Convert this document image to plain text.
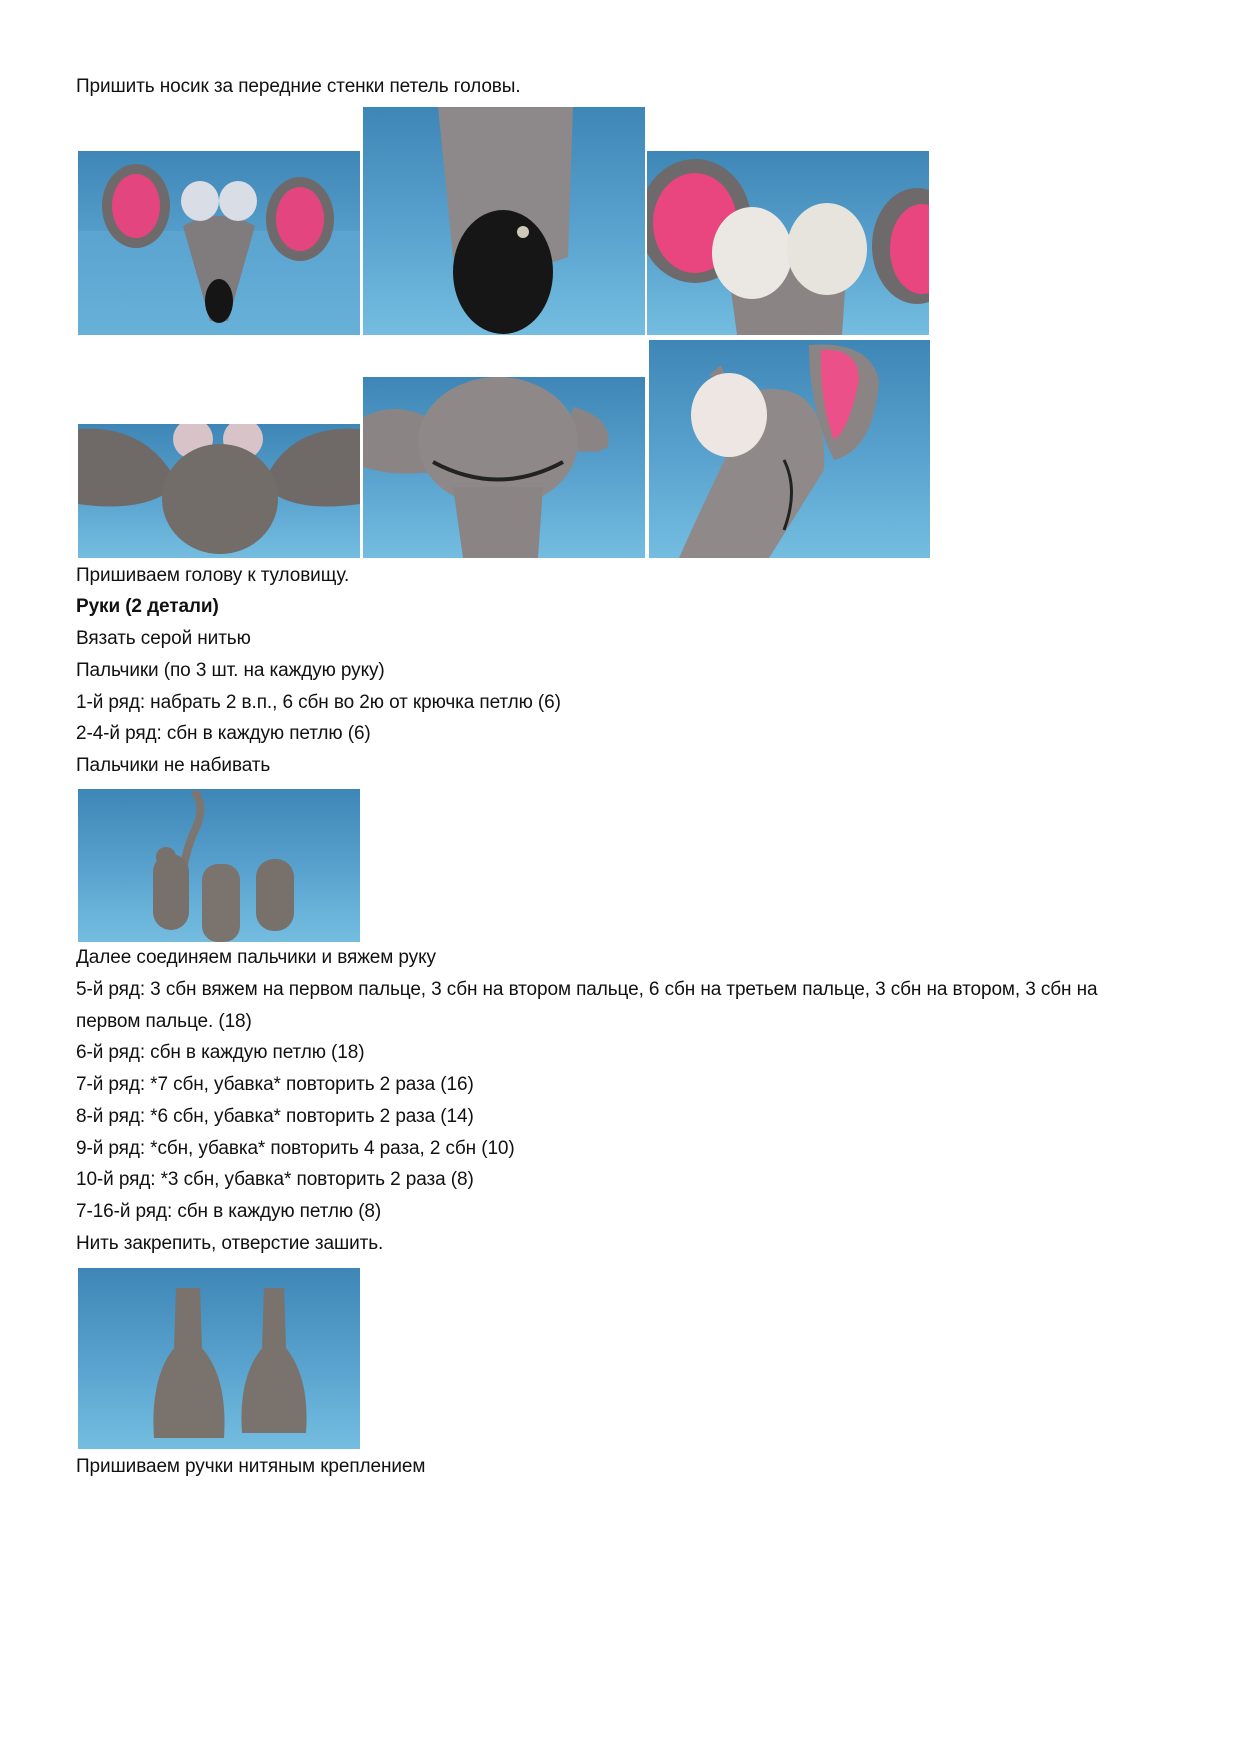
Пришить носик за передние стенки петель головы.
Пришиваем голову к туловищу.
Руки (2 детали)
Вязать серой нитью
Пальчики (по 3 шт. на каждую руку)
1-й ряд: набрать 2 в.п., 6 сбн во 2ю от крючка петлю (6)
2-4-й ряд: сбн в каждую петлю (6)
Пальчики не набивать
Далее соединяем пальчики и вяжем руку
5-й ряд: 3 сбн вяжем на первом пальце, 3 сбн на втором пальце, 6 сбн на третьем пальце, 3 сбн на втором, 3 сбн на первом пальце. (18)
6-й ряд: сбн в каждую петлю (18)
7-й ряд: *7 сбн, убавка* повторить 2 раза (16)
8-й ряд: *6 сбн, убавка* повторить 2 раза (14)
9-й ряд: *сбн, убавка* повторить 4 раза, 2 сбн (10)
10-й ряд: *3 сбн, убавка* повторить 2 раза (8)
7-16-й ряд: сбн в каждую петлю (8)
Нить закрепить, отверстие зашить.
Пришиваем ручки нитяным креплением
